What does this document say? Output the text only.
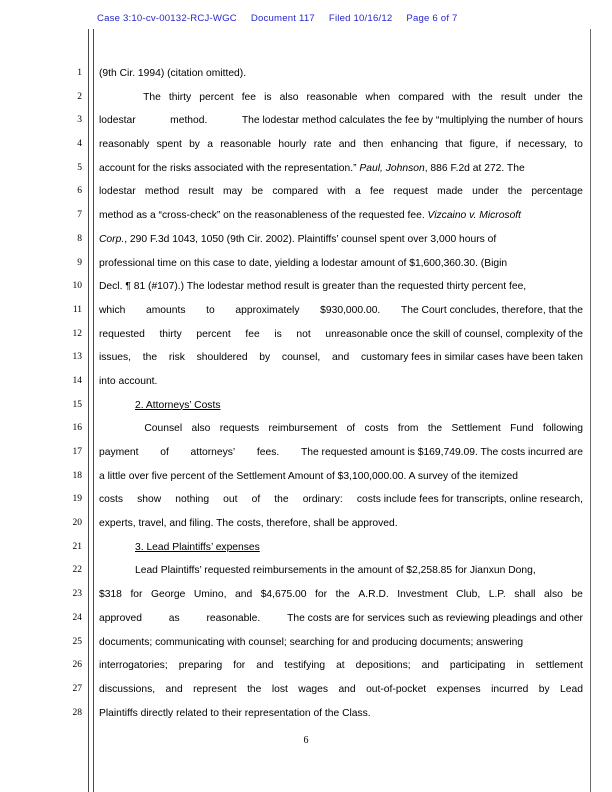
Case 3:10-cv-00132-RCJ-WGC Document 117 Filed 10/16/12 Page 6 of 7
1
2
3
4
5
6
7
8
9
10
11
12
13
14
15
16
17
18
19
20
21
22
23
24
25
26
27
28
(9th Cir. 1994) (citation omitted).
The thirty percent fee is also reasonable when compared with the result under the
lodestar	method.	The lodestar method calculates the fee by “multiplying the number of hours
reasonably spent by a reasonable hourly rate and then enhancing that figure, if necessary, to
account for the risks associated with the representation.” Paul, Johnson, 886 F.2d at 272. The
lodestar method result may be compared with a fee request made under the percentage
method as a “cross-check” on the reasonableness of the requested fee. Vizcaino v. Microsoft
Corp., 290 F.3d 1043, 1050 (9th Cir. 2002). Plaintiffs’ counsel spent over 3,000 hours of
professional time on this case to date, yielding a lodestar amount of $1,600,360.30. (Bigin
Decl. ¶ 81 (#107).) The lodestar method result is greater than the requested thirty percent fee,
which amounts to approximately $930,000.00. The Court concludes, therefore, that the
requested thirty percent fee is not unreasonable once the skill of counsel, complexity of the
issues, the risk shouldered by counsel, and customary fees in similar cases have been taken
into account.
2. Attorneys’ Costs
Counsel also requests reimbursement of costs from the Settlement Fund following
payment of attorneys’ fees. The requested amount is $169,749.09. The costs incurred are
a little over five percent of the Settlement Amount of $3,100,000.00. A survey of the itemized
costs show nothing out of the ordinary: costs include fees for transcripts, online research,
experts, travel, and filing. The costs, therefore, shall be approved.
3. Lead Plaintiffs’ expenses
Lead Plaintiffs’ requested reimbursements in the amount of $2,258.85 for Jianxun Dong,
$318 for George Umino, and $4,675.00 for the A.R.D. Investment Club, L.P. shall also be
approved	as	reasonable.	The costs are for services such as reviewing pleadings and other
documents; communicating with counsel; searching for and producing documents; answering
interrogatories; preparing for and testifying at depositions; and participating in settlement
discussions, and represent the lost wages and out-of-pocket expenses incurred by Lead
Plaintiffs directly related to their representation of the Class.
6
